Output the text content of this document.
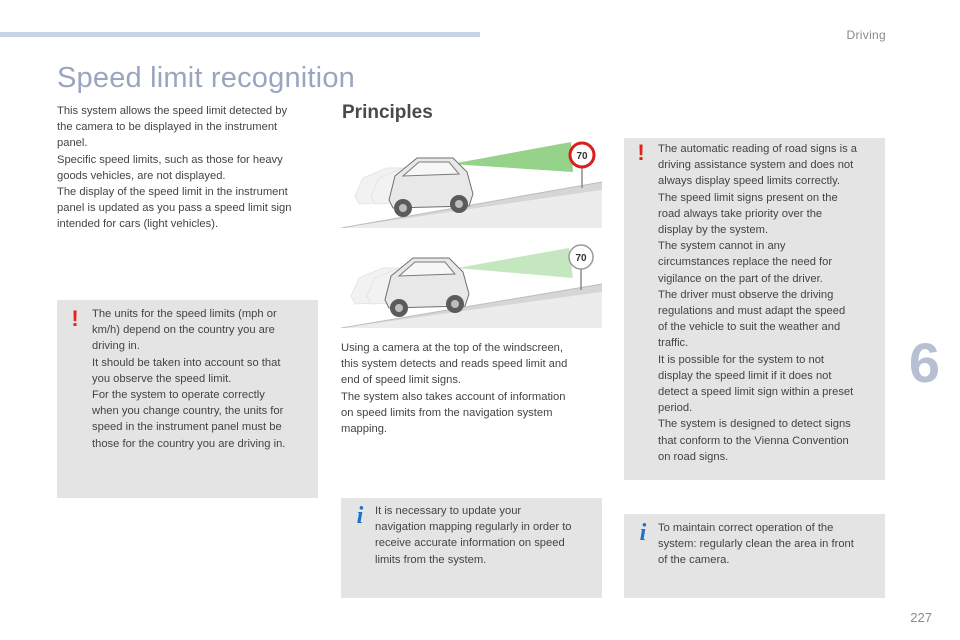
Driving
Speed limit recognition
6
227

This system allows the speed limit detected by

the camera to be displayed in the instrument

panel.

Specific speed limits, such as those for heavy

goods vehicles, are not displayed.

The display of the speed limit in the instrument

panel is updated as you pass a speed limit sign

intended for cars (light vehicles).

! The units for the speed limits (mph or

km/h) depend on the country you are

driving in.

It should be taken into account so that

you observe the speed limit.

For the system to operate correctly

when you change country, the units for

speed in the instrument panel must be

those for the country you are driving in.

Principles
70
70

Using a camera at the top of the windscreen,

this system detects and reads speed limit and

end of speed limit signs.

The system also takes account of information

on speed limits from the navigation system

mapping.

i	It is necessary to update your

navigation mapping regularly in order to

receive accurate information on speed

limits from the system.

! The automatic reading of road signs is a

driving assistance system and does not

always display speed limits correctly.

The speed limit signs present on the

road always take priority over the

display by the system.

The system cannot in any

circumstances replace the need for

vigilance on the part of the driver.

The driver must observe the driving

regulations and must adapt the speed

of the vehicle to suit the weather and

traffic.

It is possible for the system to not

display the speed limit if it does not

detect a speed limit sign within a preset

period.

The system is designed to detect signs

that conform to the Vienna Convention

on road signs.

i	To maintain correct operation of the

system: regularly clean the area in front

of the camera.
